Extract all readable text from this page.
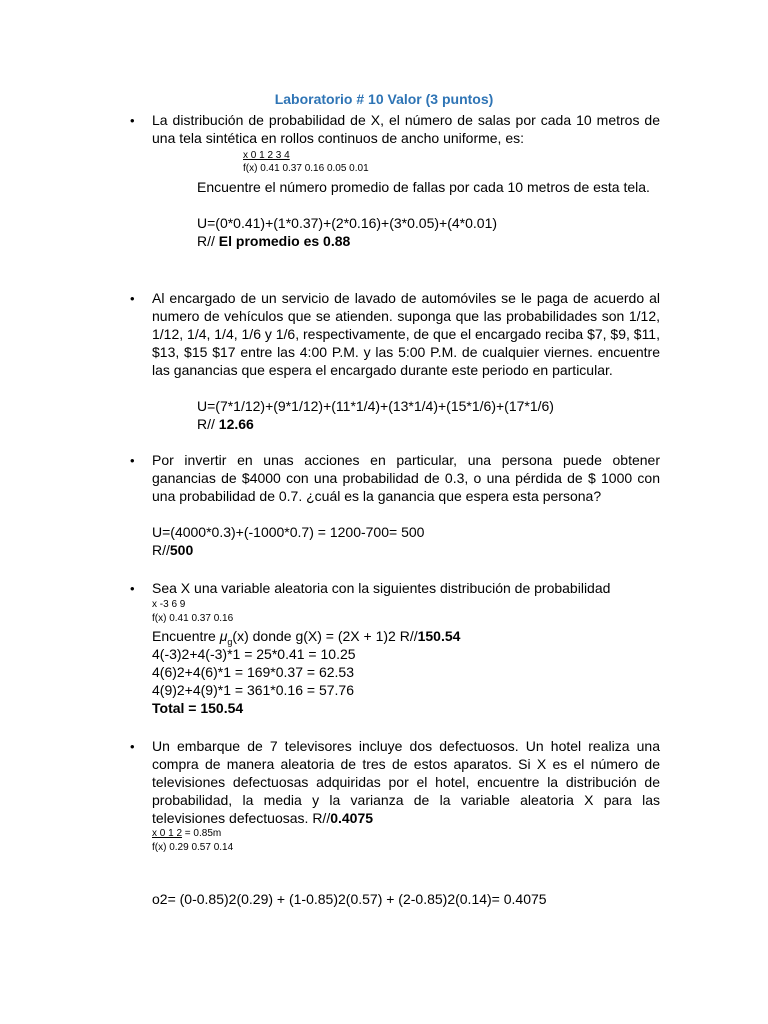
Laboratorio # 10 Valor (3 puntos)
• La distribución de probabilidad de X, el número de salas por cada 10 metros de una tela sintética en rollos continuos de ancho uniforme, es:
x 0 1 2 3 4
f(x) 0.41 0.37 0.16 0.05 0.01
Encuentre el número promedio de fallas por cada 10 metros de esta tela.
U=(0*0.41)+(1*0.37)+(2*0.16)+(3*0.05)+(4*0.01)
R// El promedio es 0.88
• Al encargado de un servicio de lavado de automóviles se le paga de acuerdo al numero de vehículos que se atienden. suponga que las probabilidades son 1/12, 1/12, 1/4, 1/4, 1/6 y 1/6, respectivamente, de que el encargado reciba $7, $9, $11, $13, $15 $17 entre las 4:00 P.M. y las 5:00 P.M. de cualquier viernes. encuentre las ganancias que espera el encargado durante este periodo en particular.
U=(7*1/12)+(9*1/12)+(11*1/4)+(13*1/4)+(15*1/6)+(17*1/6)
R// 12.66
• Por invertir en unas acciones en particular, una persona puede obtener ganancias de $4000 con una probabilidad de 0.3, o una pérdida de $ 1000 con una probabilidad de 0.7. ¿cuál es la ganancia que espera esta persona?
U=(4000*0.3)+(-1000*0.7) = 1200-700= 500
R//500
• Sea X una variable aleatoria con la siguientes distribución de probabilidad
x -3 6 9
f(x) 0.41 0.37 0.16
Encuentre $\mu_g(x)$ donde g(X) = (2X + 1)2 R//150.54
4(-3)2+4(-3)*1 = 25*0.41 = 10.25
4(6)2+4(6)*1 = 169*0.37 = 62.53
4(9)2+4(9)*1 = 361*0.16 = 57.76
Total = 150.54
• Un embarque de 7 televisores incluye dos defectuosos. Un hotel realiza una compra de manera aleatoria de tres de estos aparatos. Si X es el número de televisiones defectuosas adquiridas por el hotel, encuentre la distribución de probabilidad, la media y la varianza de la variable aleatoria X para las televisiones defectuosas. R//0.4075
x 0 1 2 = 0.85m
f(x) 0.29 0.57 0.14
o2= (0-0.85)2(0.29) + (1-0.85)2(0.57) + (2-0.85)2(0.14)= 0.4075
